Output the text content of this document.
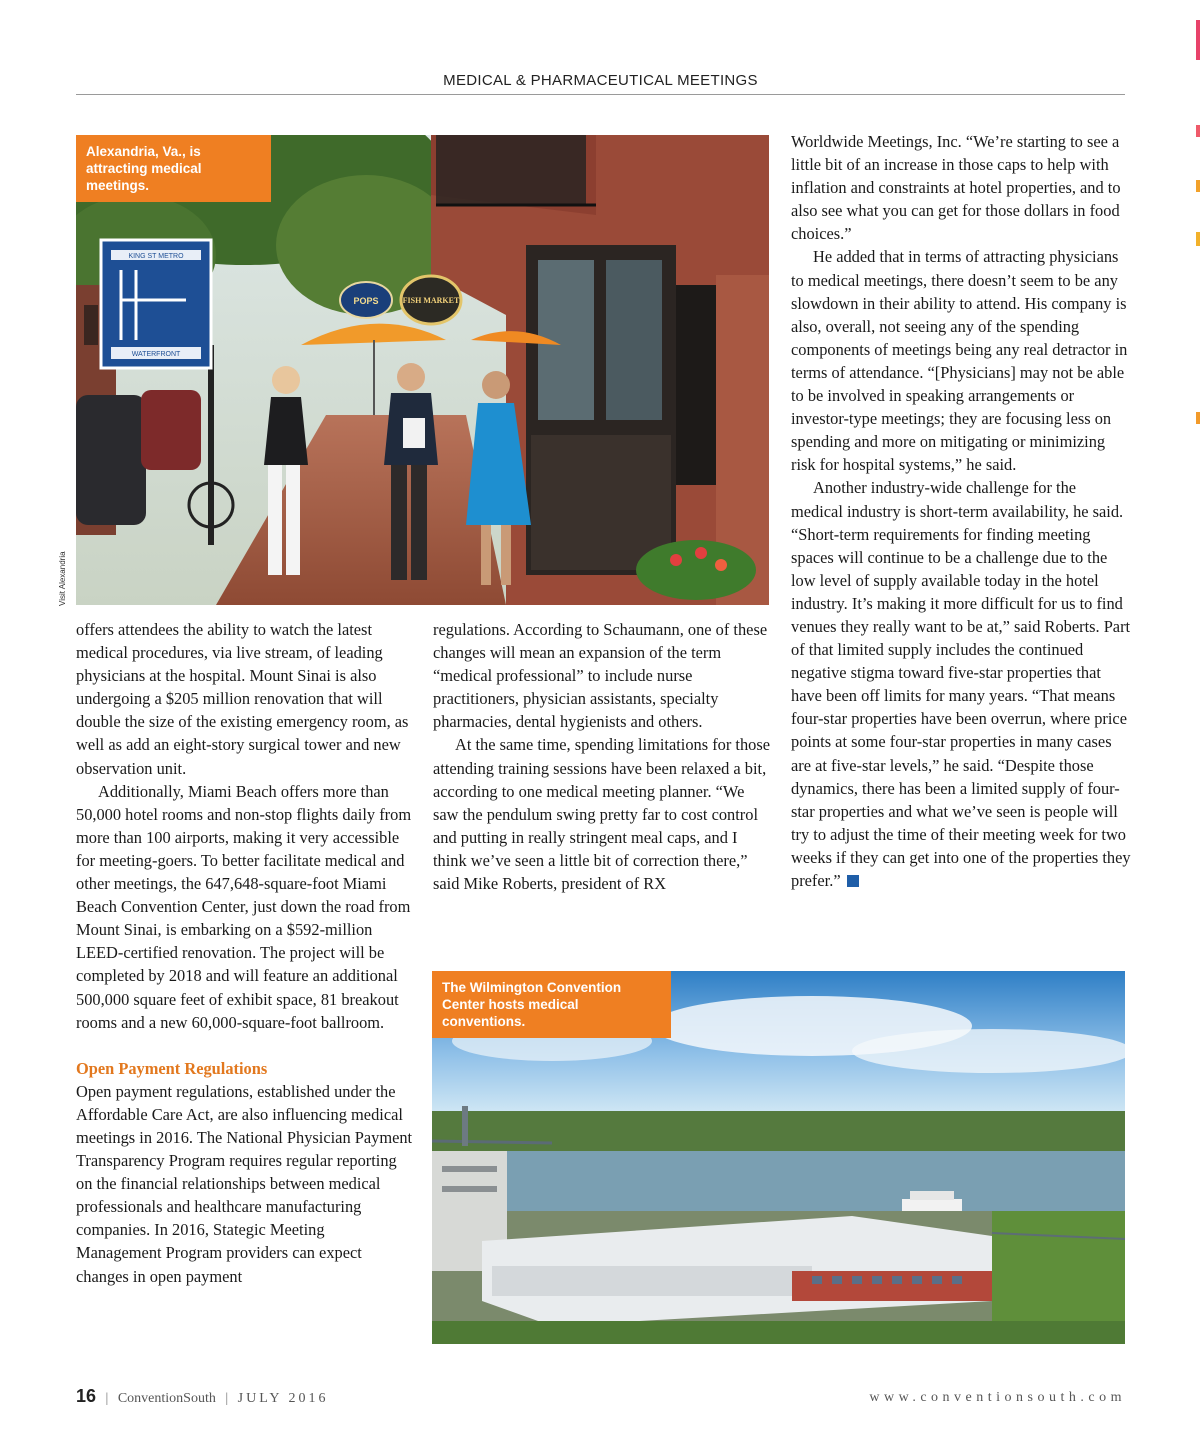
MEDICAL & PHARMACEUTICAL MEETINGS
KING ST METRO
WATERFRONT
POPS	FISH MARKET
Alexandria, Va., is attracting medical meetings.
Visit Alexandria
The Wilmington Convention Center hosts medical conventions.

offers attendees the ability to watch the latest medical procedures, via live stream, of leading physicians at the hospital. Mount Sinai is also undergoing a $205 million renovation that will double the size of the existing emergency room, as well as add an eight-story surgical tower and new observation unit.

Additionally, Miami Beach offers more than 50,000 hotel rooms and non-stop flights daily from more than 100 airports, making it very accessible for meeting-goers. To better facilitate medical and other meetings, the 647,648-square-foot Miami Beach Convention Center, just down the road from Mount Sinai, is embarking on a $592-million LEED-certified renovation. The project will be completed by 2018 and will feature an additional 500,000 square feet of exhibit space, 81 breakout rooms and a new 60,000-square-foot ballroom.

Open Payment Regulations

Open payment regulations, established under the Affordable Care Act, are also influencing medical meetings in 2016. The National Physician Payment Transparency Program requires regular reporting on the financial relationships between medical professionals and healthcare manufacturing companies. In 2016, Stategic Meeting Management Program providers can expect changes in open payment

regulations. According to Schaumann, one of these changes will mean an expansion of the term “medical professional” to include nurse practitioners, physician assistants, specialty pharmacies, dental hygienists and others.

At the same time, spending limitations for those attending training sessions have been relaxed a bit, according to one medical meeting planner. “We saw the pendulum swing pretty far to cost control and putting in really stringent meal caps, and I think we’ve seen a little bit of correction there,” said Mike Roberts, president of RX

Worldwide Meetings, Inc. “We’re starting to see a little bit of an increase in those caps to help with inflation and constraints at hotel properties, and to also see what you can get for those dollars in food choices.”

He added that in terms of attracting physicians to medical meetings, there doesn’t seem to be any slowdown in their ability to attend. His company is also, overall, not seeing any of the spending components of meetings being any real detractor in terms of attendance. “[Physicians] may not be able to be involved in speaking arrangements or investor-type meetings; they are focusing less on spending and more on mitigating or minimizing risk for hospital systems,” he said.

Another industry-wide challenge for the medical industry is short-term availability, he said. “Short-term requirements for finding meeting spaces will continue to be a challenge due to the low level of supply available today in the hotel industry. It’s making it more difficult for us to find venues they really want to be at,” said Roberts. Part of that limited supply includes the continued negative stigma toward five-star properties that have been off limits for many years. “That means four-star properties have been overrun, where price points at some four-star properties in many cases are at five-star levels,” he said. “Despite those dynamics, there has been a limited supply of four-star properties and what we’ve seen is people will try to adjust the time of their meeting week for two weeks if they can get into one of the properties they prefer.”

16 | ConventionSouth | JULY 2016	www.conventionsouth.com
